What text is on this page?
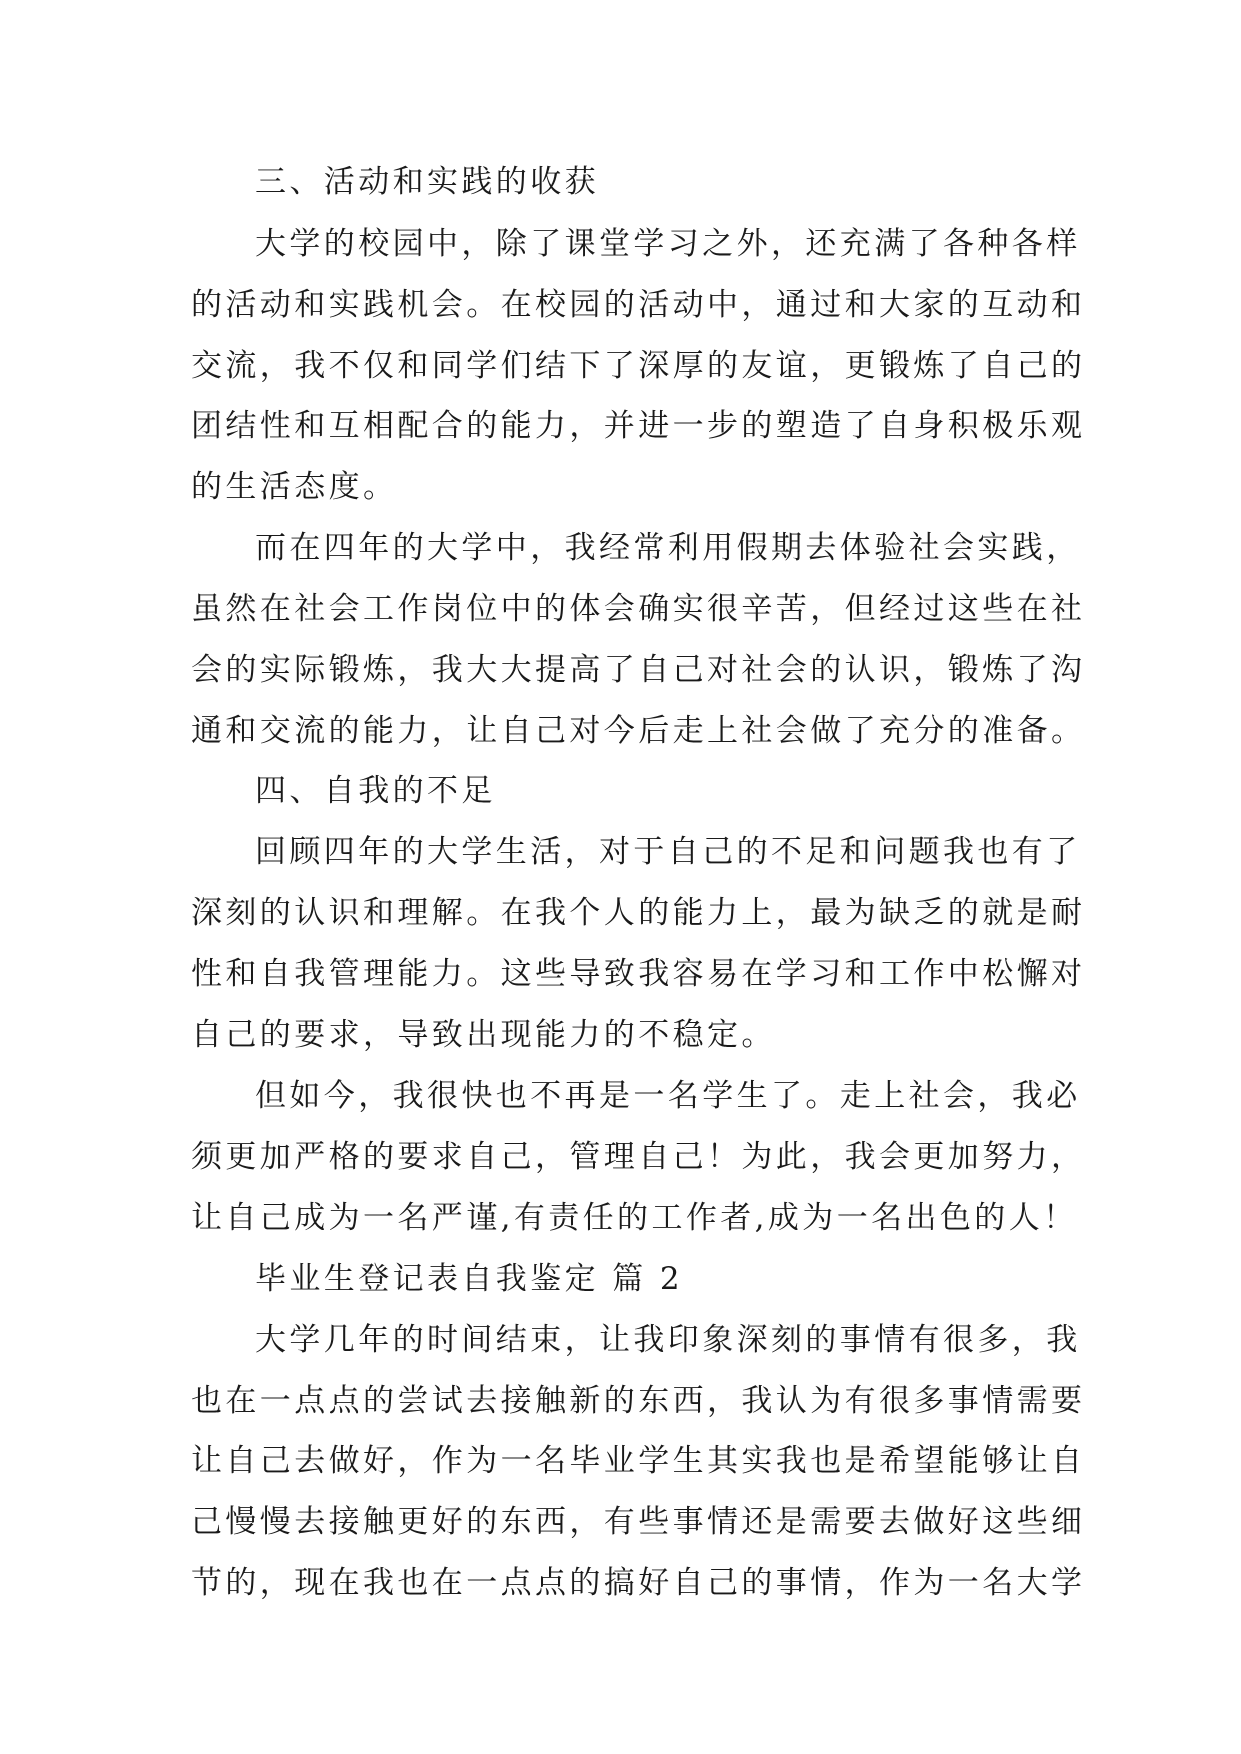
三、活动和实践的收获
大学的校园中，除了课堂学习之外，还充满了各种各样
的活动和实践机会。在校园的活动中，通过和大家的互动和
交流，我不仅和同学们结下了深厚的友谊，更锻炼了自己的
团结性和互相配合的能力，并进一步的塑造了自身积极乐观
的生活态度。
而在四年的大学中，我经常利用假期去体验社会实践，
虽然在社会工作岗位中的体会确实很辛苦，但经过这些在社
会的实际锻炼，我大大提高了自己对社会的认识，锻炼了沟
通和交流的能力，让自己对今后走上社会做了充分的准备。
四、自我的不足
回顾四年的大学生活，对于自己的不足和问题我也有了
深刻的认识和理解。在我个人的能力上，最为缺乏的就是耐
性和自我管理能力。这些导致我容易在学习和工作中松懈对
自己的要求，导致出现能力的不稳定。
但如今，我很快也不再是一名学生了。走上社会，我必
须更加严格的要求自己，管理自己！为此，我会更加努力，
让自己成为一名严谨,有责任的工作者,成为一名出色的人！
毕业生登记表自我鉴定 篇 2
大学几年的时间结束，让我印象深刻的事情有很多，我
也在一点点的尝试去接触新的东西，我认为有很多事情需要
让自己去做好，作为一名毕业学生其实我也是希望能够让自
己慢慢去接触更好的东西，有些事情还是需要去做好这些细
节的，现在我也在一点点的搞好自己的事情，作为一名大学
